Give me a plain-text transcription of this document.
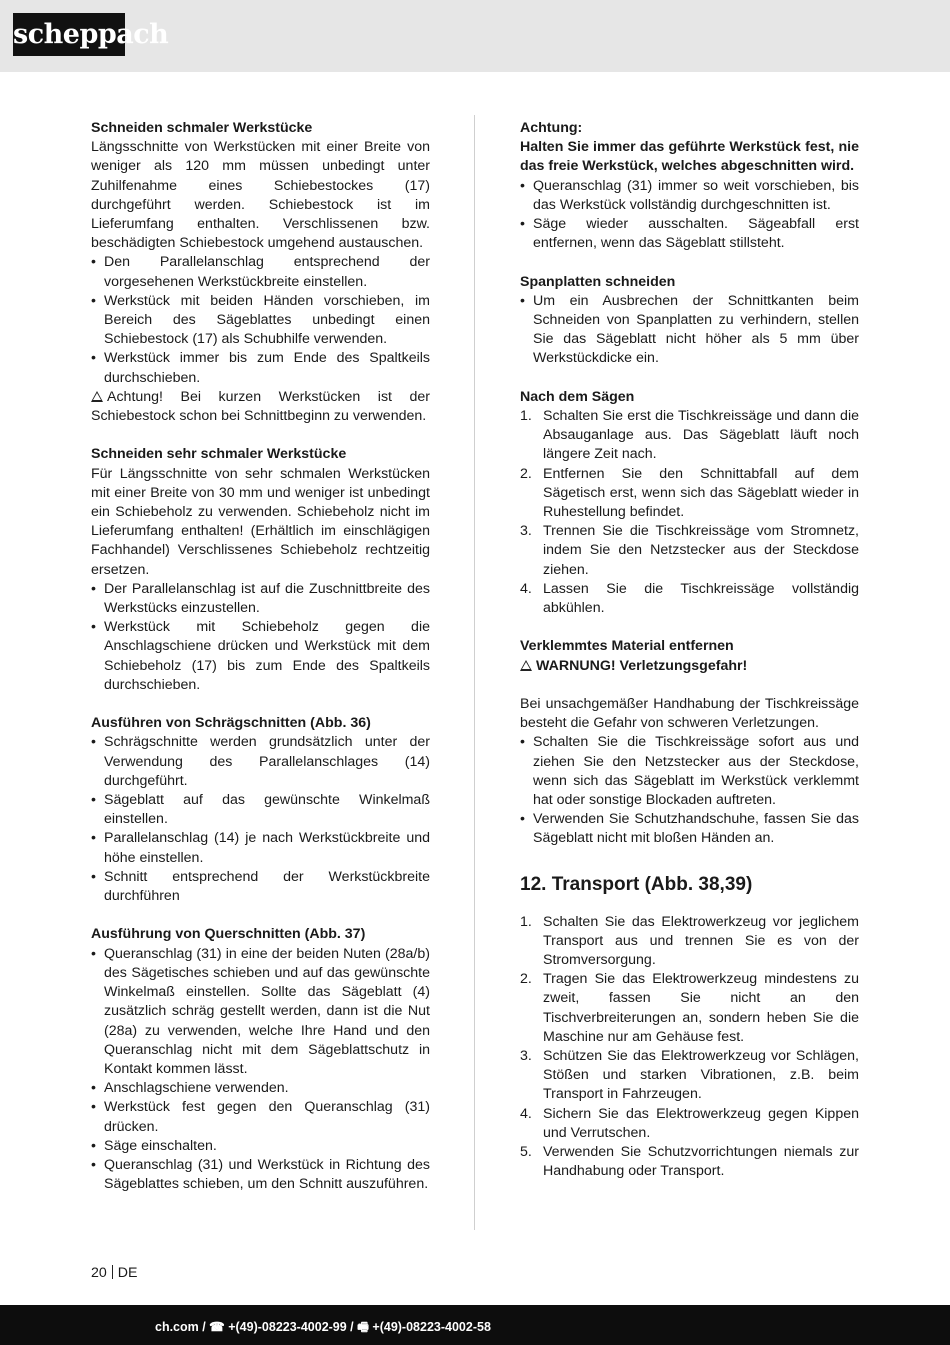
scheppach
Schneiden schmaler Werkstücke

Längsschnitte von Werkstücken mit einer Breite von weniger als 120 mm müssen unbedingt unter Zuhilfenahme eines Schiebestockes (17) durchgeführt werden. Schiebestock ist im Lieferumfang enthalten. Verschlissenen bzw. beschädigten Schiebestock umgehend austauschen.

• Den Parallelanschlag entsprechend der vorgesehenen Werkstückbreite einstellen.
• Werkstück mit beiden Händen vorschieben, im Bereich des Sägeblattes unbedingt einen Schiebestock (17) als Schubhilfe verwenden.
• Werkstück immer bis zum Ende des Spaltkeils durchschieben.

Achtung! Bei kurzen Werkstücken ist der Schiebestock schon bei Schnittbeginn zu verwenden.

Schneiden sehr schmaler Werkstücke

Für Längsschnitte von sehr schmalen Werkstücken mit einer Breite von 30 mm und weniger ist unbedingt ein Schiebeholz zu verwenden. Schiebeholz nicht im Lieferumfang enthalten! (Erhältlich im einschlägigen Fachhandel) Verschlissenes Schiebeholz rechtzeitig ersetzen.

• Der Parallelanschlag ist auf die Zuschnittbreite des Werkstücks einzustellen.
• Werkstück mit Schiebeholz gegen die Anschlagschiene drücken und Werkstück mit dem Schiebeholz (17) bis zum Ende des Spaltkeils durchschieben.
Ausführen von Schrägschnitten (Abb. 36)
• Schrägschnitte werden grundsätzlich unter der Verwendung des Parallelanschlages (14) durchgeführt.
• Sägeblatt auf das gewünschte Winkelmaß einstellen.
• Parallelanschlag (14) je nach Werkstückbreite und höhe einstellen.
• Schnitt entsprechend der Werkstückbreite durchführen
Ausführung von Querschnitten (Abb. 37)
• Queranschlag (31) in eine der beiden Nuten (28a/b) des Sägetisches schieben und auf das gewünschte Winkelmaß einstellen. Sollte das Sägeblatt (4) zusätzlich schräg gestellt werden, dann ist die Nut (28a) zu verwenden, welche Ihre Hand und den Queranschlag nicht mit dem Sägeblattschutz in Kontakt kommen lässt.
• Anschlagschiene verwenden.
• Werkstück fest gegen den Queranschlag (31) drücken.
• Säge einschalten.
• Queranschlag (31) und Werkstück in Richtung des Sägeblattes schieben, um den Schnitt auszuführen.
Achtung:

Halten Sie immer das geführte Werkstück fest, nie das freie Werkstück, welches abgeschnitten wird.

• Queranschlag (31) immer so weit vorschieben, bis das Werkstück vollständig durchgeschnitten ist.
• Säge wieder ausschalten. Sägeabfall erst entfernen, wenn das Sägeblatt stillsteht.
Spanplatten schneiden
• Um ein Ausbrechen der Schnittkanten beim Schneiden von Spanplatten zu verhindern, stellen Sie das Sägeblatt nicht höher als 5 mm über Werkstückdicke ein.
Nach dem Sägen
1. Schalten Sie erst die Tischkreissäge und dann die Absauganlage aus. Das Sägeblatt läuft noch längere Zeit nach.
2. Entfernen Sie den Schnittabfall auf dem Sägetisch erst, wenn sich das Sägeblatt wieder in Ruhestellung befindet.
3. Trennen Sie die Tischkreissäge vom Stromnetz, indem Sie den Netzstecker aus der Steckdose ziehen.
4. Lassen Sie die Tischkreissäge vollständig abkühlen.
Verklemmtes Material entfernen
WARNUNG! Verletzungsgefahr!

Bei unsachgemäßer Handhabung der Tischkreissäge besteht die Gefahr von schweren Verletzungen.

• Schalten Sie die Tischkreissäge sofort aus und ziehen Sie den Netzstecker aus der Steckdose, wenn sich das Sägeblatt im Werkstück verklemmt hat oder sonstige Blockaden auftreten.
• Verwenden Sie Schutzhandschuhe, fassen Sie das Sägeblatt nicht mit bloßen Händen an.
12. Transport (Abb. 38,39)
1. Schalten Sie das Elektrowerkzeug vor jeglichem Transport aus und trennen Sie es von der Stromversorgung.
2. Tragen Sie das Elektrowerkzeug mindestens zu zweit, fassen Sie nicht an den Tischverbreiterungen an, sondern heben Sie die Maschine nur am Gehäuse fest.
3. Schützen Sie das Elektrowerkzeug vor Schlägen, Stößen und starken Vibrationen, z.B. beim Transport in Fahrzeugen.
4. Sichern Sie das Elektrowerkzeug gegen Kippen und Verrutschen.
5. Verwenden Sie Schutzvorrichtungen niemals zur Handhabung oder Transport.
20 DE
ch.com / ☎ +(49)-08223-4002-99 / 🖷 +(49)-08223-4002-58
